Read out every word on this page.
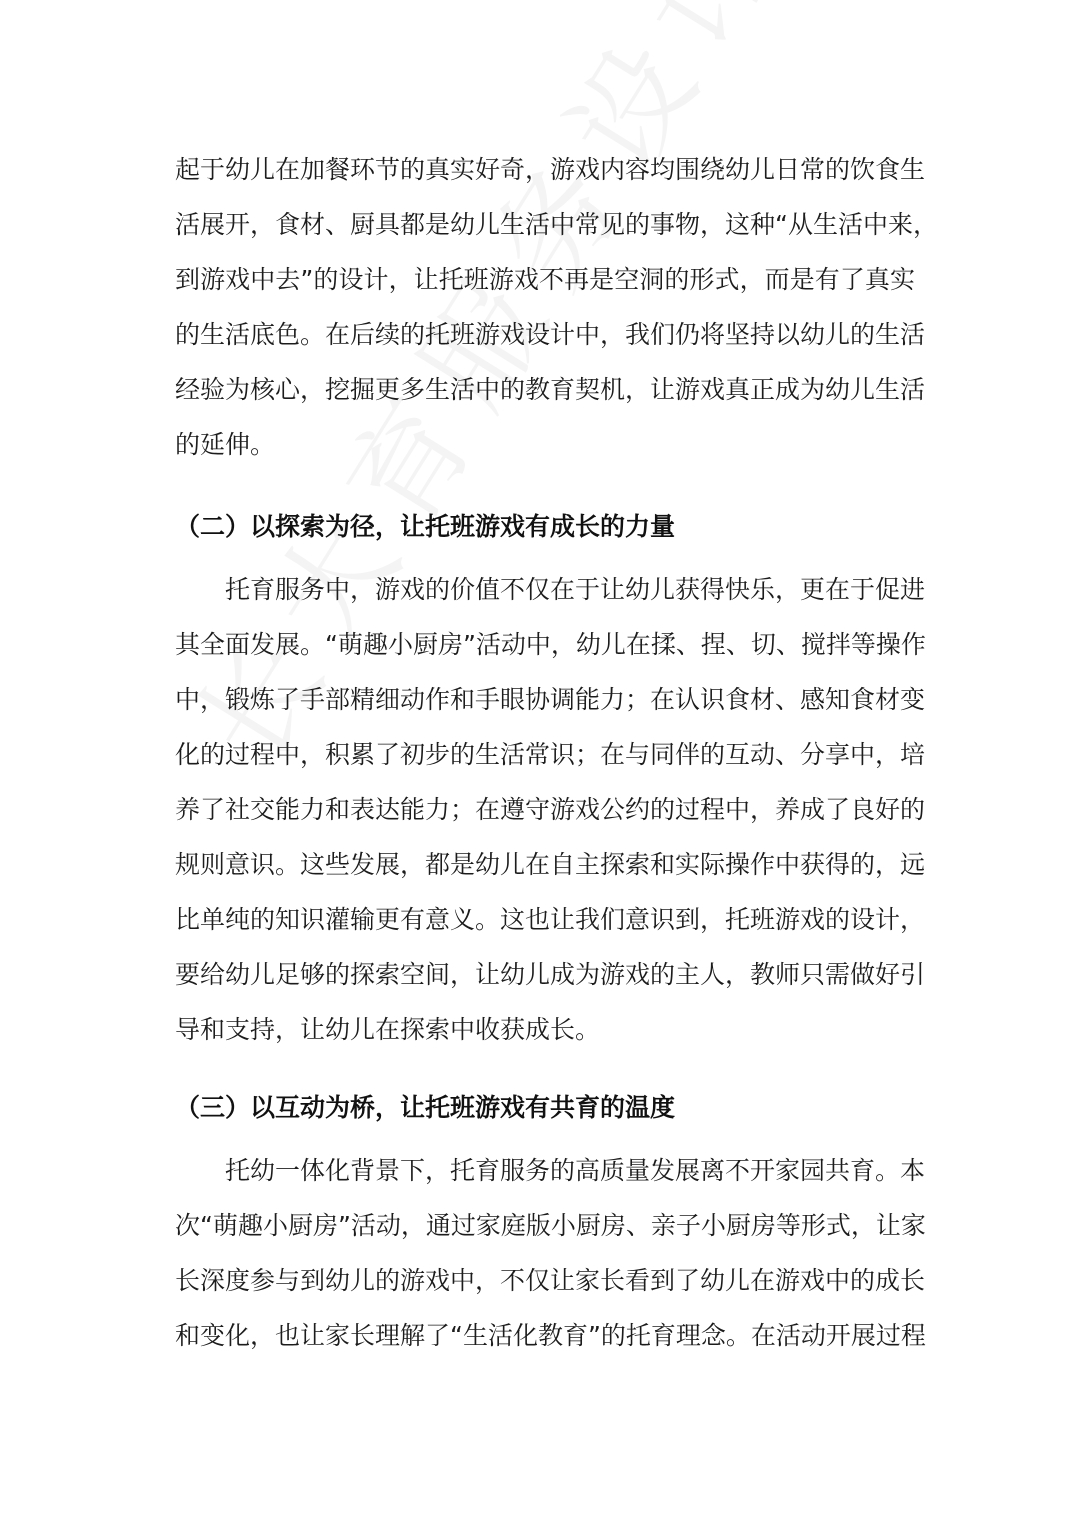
起于幼儿在加餐环节的真实好奇，游戏内容均围绕幼儿日常的饮食生
活展开，食材、厨具都是幼儿生活中常见的事物，这种“从生活中来，
到游戏中去”的设计，让托班游戏不再是空洞的形式，而是有了真实
的生活底色。在后续的托班游戏设计中，我们仍将坚持以幼儿的生活
经验为核心，挖掘更多生活中的教育契机，让游戏真正成为幼儿生活
的延伸。
（二）以探索为径，让托班游戏有成长的力量
托育服务中，游戏的价值不仅在于让幼儿获得快乐，更在于促进
其全面发展。“萌趣小厨房”活动中，幼儿在揉、捏、切、搅拌等操作
中，锻炼了手部精细动作和手眼协调能力；在认识食材、感知食材变
化的过程中，积累了初步的生活常识；在与同伴的互动、分享中，培
养了社交能力和表达能力；在遵守游戏公约的过程中，养成了良好的
规则意识。这些发展，都是幼儿在自主探索和实际操作中获得的，远
比单纯的知识灌输更有意义。这也让我们意识到，托班游戏的设计，
要给幼儿足够的探索空间，让幼儿成为游戏的主人，教师只需做好引
导和支持，让幼儿在探索中收获成长。
（三）以互动为桥，让托班游戏有共育的温度
托幼一体化背景下，托育服务的高质量发展离不开家园共育。本
次“萌趣小厨房”活动，通过家庭版小厨房、亲子小厨房等形式，让家
长深度参与到幼儿的游戏中，不仅让家长看到了幼儿在游戏中的成长
和变化，也让家长理解了“生活化教育”的托育理念。在活动开展过程
